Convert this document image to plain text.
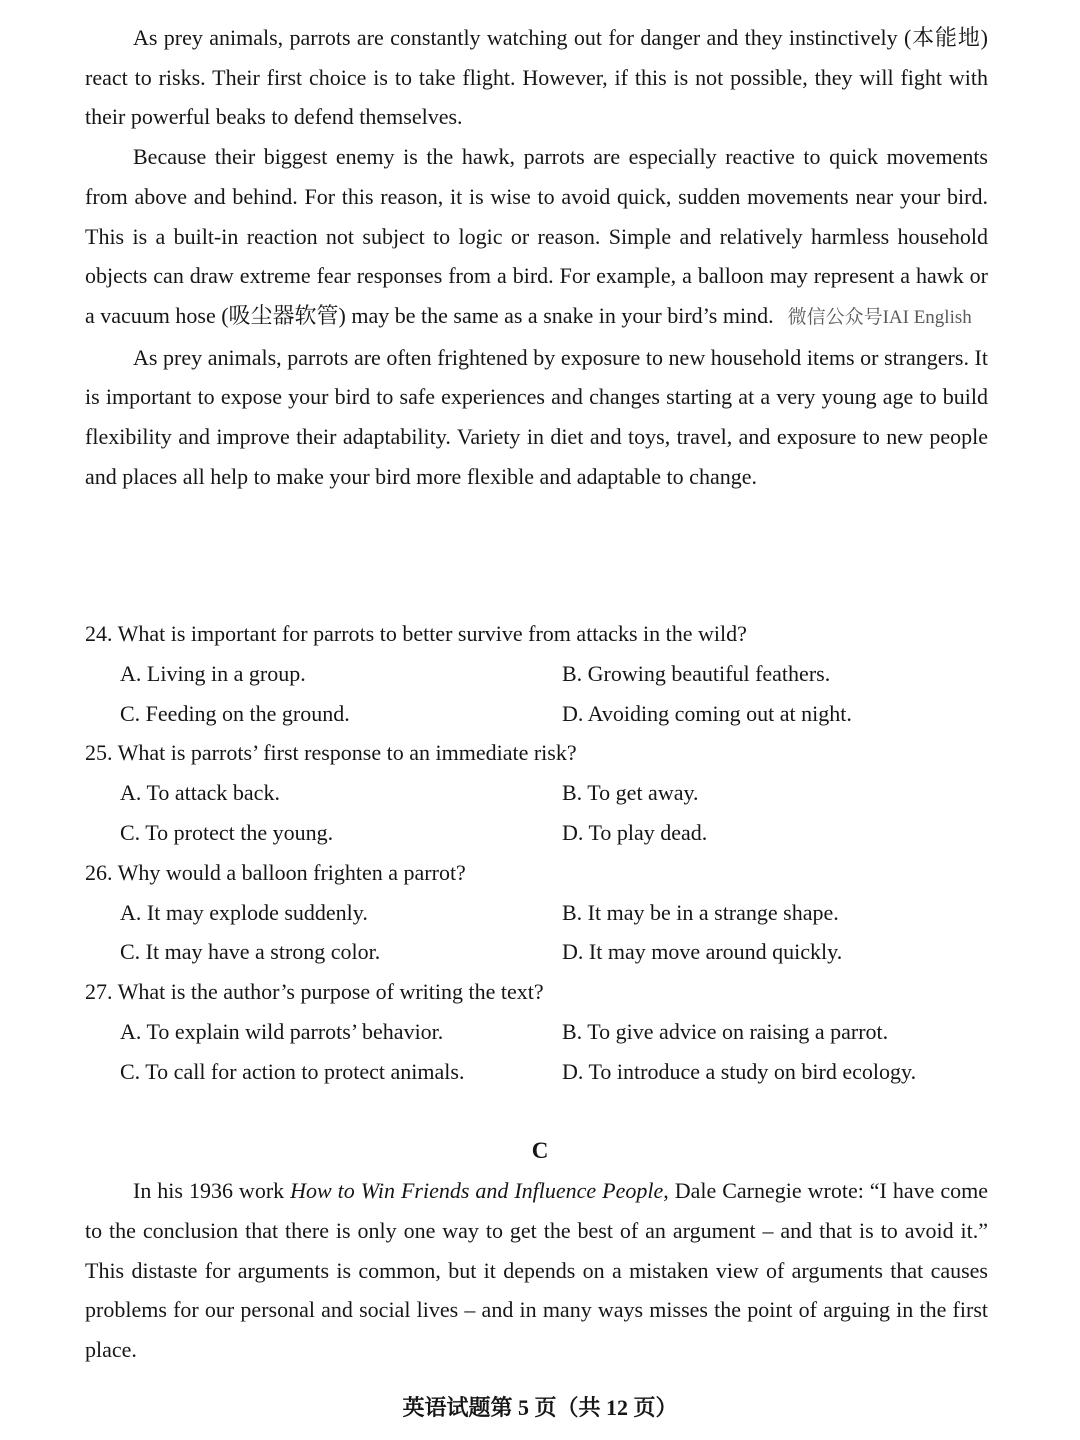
As prey animals, parrots are constantly watching out for danger and they instinctively (本能地) react to risks. Their first choice is to take flight. However, if this is not possible, they will fight with their powerful beaks to defend themselves.

Because their biggest enemy is the hawk, parrots are especially reactive to quick movements from above and behind. For this reason, it is wise to avoid quick, sudden movements near your bird. This is a built-in reaction not subject to logic or reason. Simple and relatively harmless household objects can draw extreme fear responses from a bird. For example, a balloon may represent a hawk or a vacuum hose (吸尘器软管) may be the same as a snake in your bird’s mind. 微信公众号IAI English

As prey animals, parrots are often frightened by exposure to new household items or strangers. It is important to expose your bird to safe experiences and changes starting at a very young age to build flexibility and improve their adaptability. Variety in diet and toys, travel, and exposure to new people and places all help to make your bird more flexible and adaptable to change.

24. What is important for parrots to better survive from attacks in the wild?
A. Living in a group.	B. Growing beautiful feathers.
C. Feeding on the ground.	D. Avoiding coming out at night.
25. What is parrots’ first response to an immediate risk?
A. To attack back.	B. To get away.
C. To protect the young.	D. To play dead.
26. Why would a balloon frighten a parrot?
A. It may explode suddenly.	B. It may be in a strange shape.
C. It may have a strong color.	D. It may move around quickly.
27. What is the author’s purpose of writing the text?
A. To explain wild parrots’ behavior.	B. To give advice on raising a parrot.
C. To call for action to protect animals.	D. To introduce a study on bird ecology.
C

In his 1936 work How to Win Friends and Influence People, Dale Carnegie wrote: “I have come to the conclusion that there is only one way to get the best of an argument – and that is to avoid it.” This distaste for arguments is common, but it depends on a mistaken view of arguments that causes problems for our personal and social lives – and in many ways misses the point of arguing in the first place.

英语试题第 5 页（共 12 页）
